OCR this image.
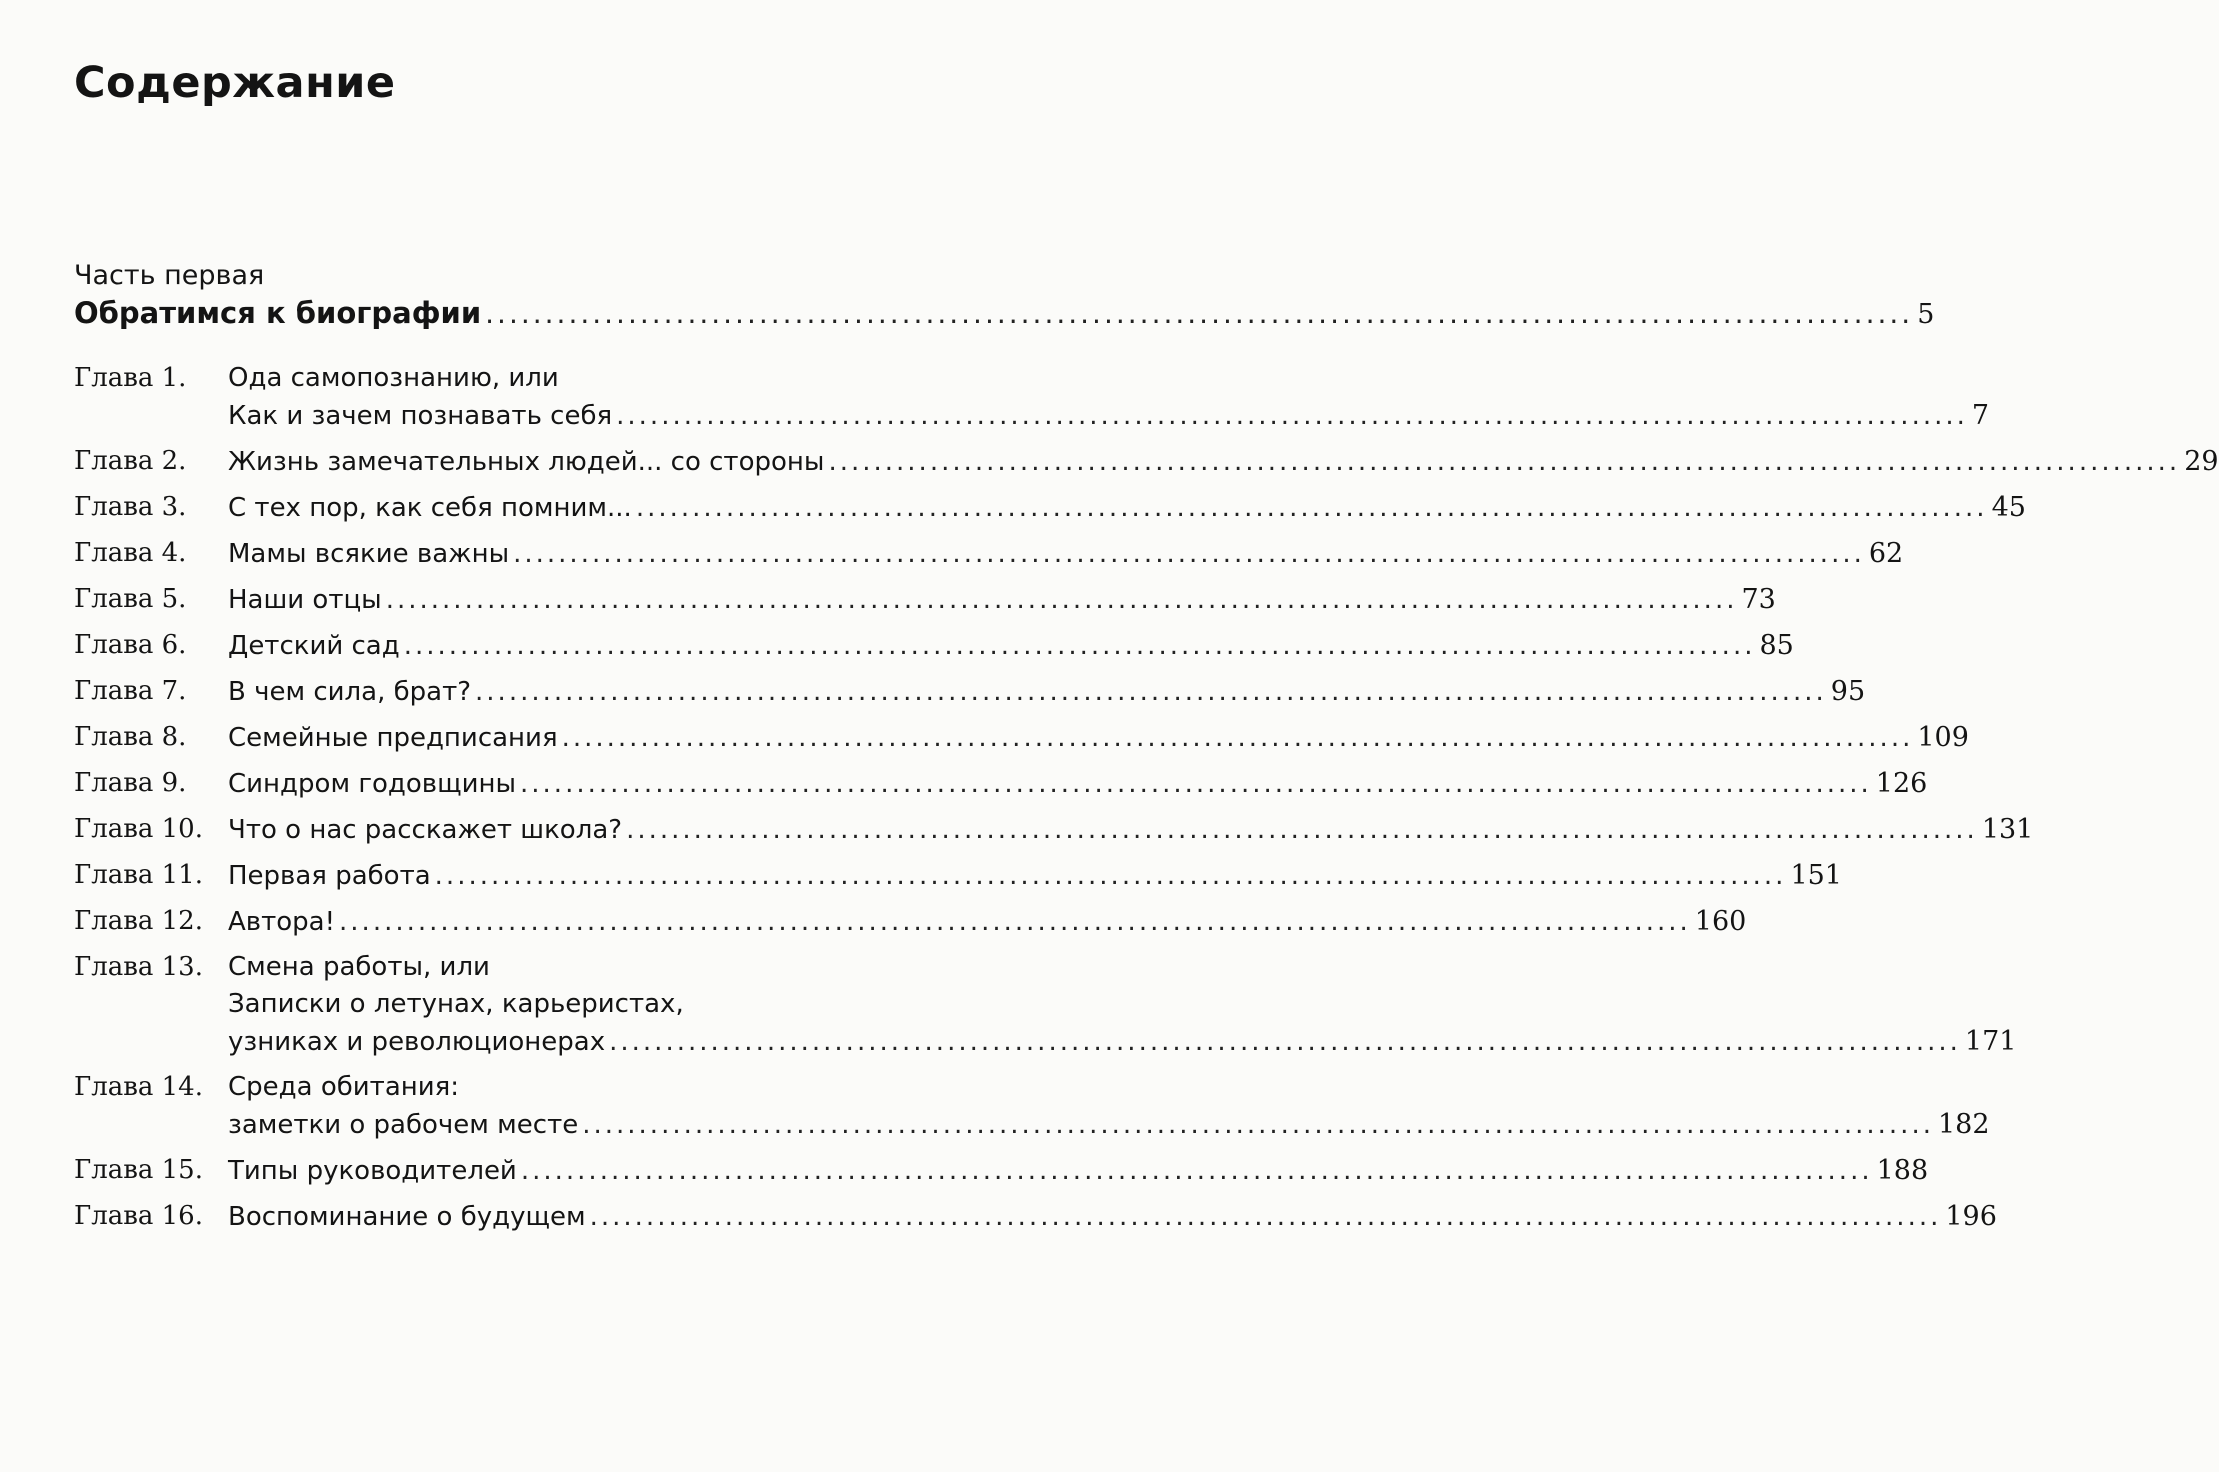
Содержание
Часть первая
Обратимся к биографии ........................................................................................................................ 5
Глава 1.	Ода самопознанию, или
Как и зачем познавать себя ........................................................................................................................ 7
Глава 2.	Жизнь замечательных людей... со стороны ........................................................................................................................ 29
Глава 3.	С тех пор, как себя помним... ........................................................................................................................ 45
Глава 4.	Мамы всякие важны ........................................................................................................................ 62
Глава 5.	Наши отцы ........................................................................................................................ 73
Глава 6.	Детский сад ........................................................................................................................ 85
Глава 7.	В чем сила, брат? ........................................................................................................................ 95
Глава 8.	Семейные предписания ........................................................................................................................ 109
Глава 9.	Синдром годовщины ........................................................................................................................ 126
Глава 10. Что о нас расскажет школа? ........................................................................................................................ 131
Глава 11. Первая работа ........................................................................................................................ 151
Глава 12. Автора! ........................................................................................................................ 160
Глава 13. Смена работы, или
Записки о летунах, карьеристах,
узниках и революционерах ........................................................................................................................ 171
Глава 14. Среда обитания:
заметки о рабочем месте ........................................................................................................................ 182
Глава 15. Типы руководителей ........................................................................................................................ 188
Глава 16. Воспоминание о будущем ........................................................................................................................ 196
